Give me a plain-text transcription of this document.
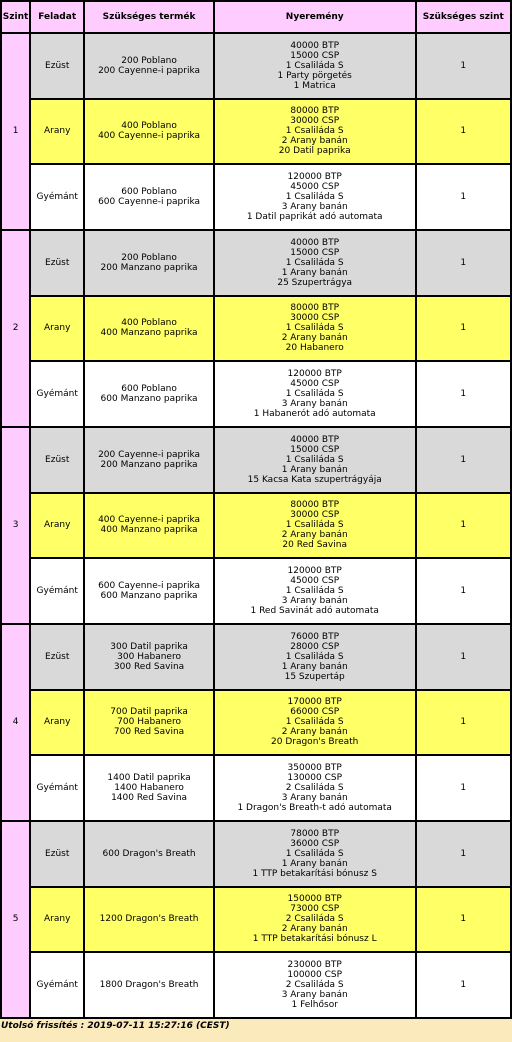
Szint	Feladat	Szükséges termék	Nyeremény	Szükséges szint
1	Ezüst	200 Poblano
200 Cayenne-i paprika	40000 BTP
15000 CSP
1 Csaliláda S
1 Party pörgetés
1 Matrica	1
	Arany	400 Poblano
400 Cayenne-i paprika	80000 BTP
30000 CSP
1 Csaliláda S
2 Arany banán
20 Datil paprika	1
	Gyémánt	600 Poblano
600 Cayenne-i paprika	120000 BTP
45000 CSP
1 Csaliláda S
3 Arany banán
1 Datil paprikát adó automata	1
2	Ezüst	200 Poblano
200 Manzano paprika	40000 BTP
15000 CSP
1 Csaliláda S
1 Arany banán
25 Szupertrágya	1
	Arany	400 Poblano
400 Manzano paprika	80000 BTP
30000 CSP
1 Csaliláda S
2 Arany banán
20 Habanero	1
	Gyémánt	600 Poblano
600 Manzano paprika	120000 BTP
45000 CSP
1 Csaliláda S
3 Arany banán
1 Habanerót adó automata	1
3	Ezüst	200 Cayenne-i paprika
200 Manzano paprika	40000 BTP
15000 CSP
1 Csaliláda S
1 Arany banán
15 Kacsa Kata szupertrágyája	1
	Arany	400 Cayenne-i paprika
400 Manzano paprika	80000 BTP
30000 CSP
1 Csaliláda S
2 Arany banán
20 Red Savina	1
	Gyémánt	600 Cayenne-i paprika
600 Manzano paprika	120000 BTP
45000 CSP
1 Csaliláda S
3 Arany banán
1 Red Savinát adó automata	1
4	Ezüst	300 Datil paprika
300 Habanero
300 Red Savina	76000 BTP
28000 CSP
1 Csaliláda S
1 Arany banán
15 Szupertáp	1
	Arany	700 Datil paprika
700 Habanero
700 Red Savina	170000 BTP
66000 CSP
1 Csaliláda S
2 Arany banán
20 Dragon's Breath	1
	Gyémánt	1400 Datil paprika
1400 Habanero
1400 Red Savina	350000 BTP
130000 CSP
2 Csaliláda S
3 Arany banán
1 Dragon's Breath-t adó automata	1
5	Ezüst	600 Dragon's Breath	78000 BTP
36000 CSP
1 Csaliláda S
1 Arany banán
1 TTP betakarítási bónusz S	1
	Arany	1200 Dragon's Breath	150000 BTP
73000 CSP
2 Csaliláda S
2 Arany banán
1 TTP betakarítási bónusz L	1
	Gyémánt	1800 Dragon's Breath	230000 BTP
100000 CSP
2 Csaliláda S
3 Arany banán
1 Felhősor	1
Utolsó frissítés : 2019-07-11 15:27:16 (CEST)
